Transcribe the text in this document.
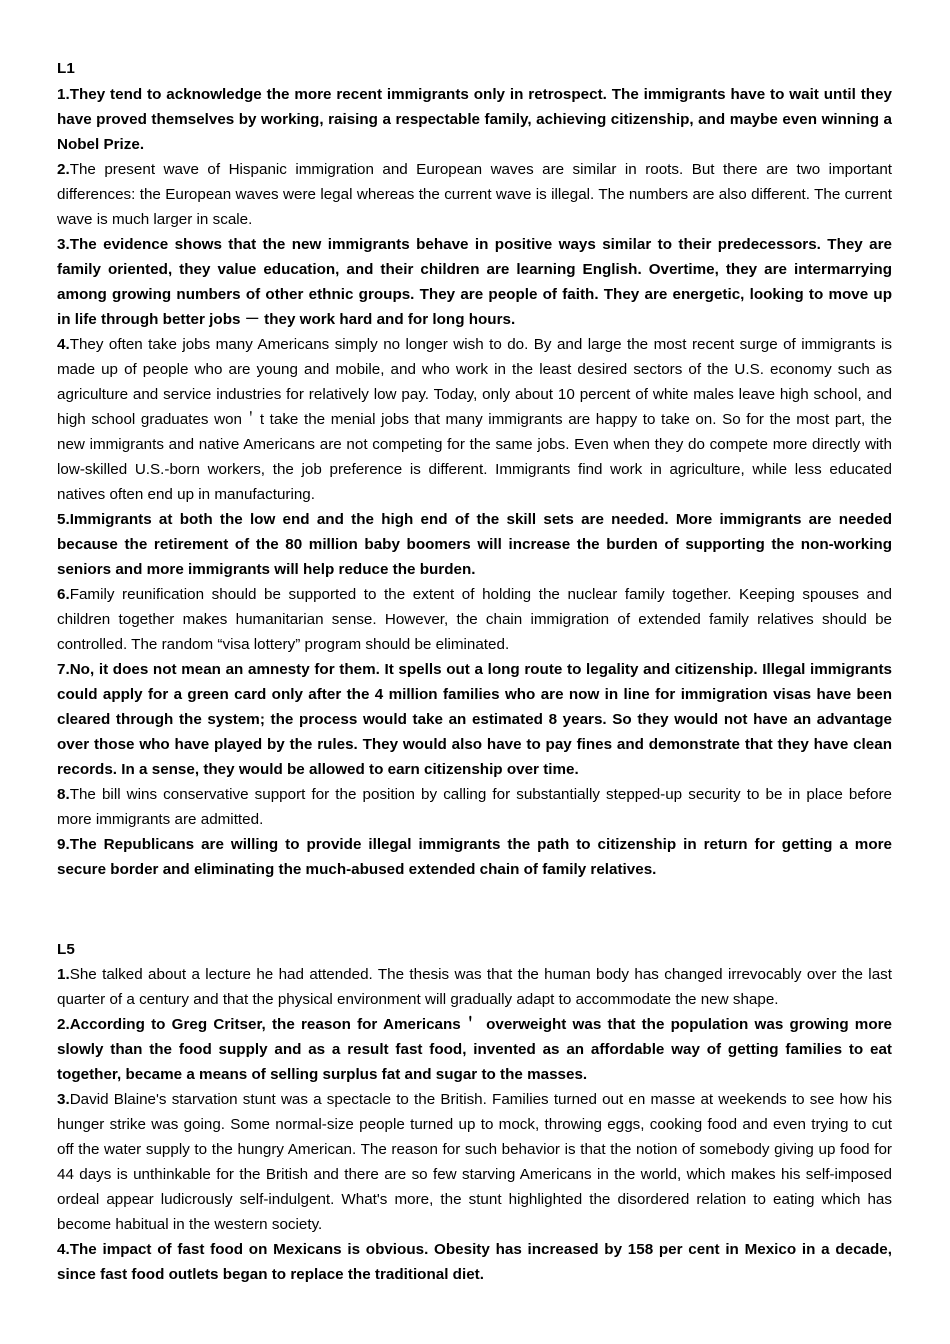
L1

1.They tend to acknowledge the more recent immigrants only in retrospect. The immigrants have to wait until they have proved themselves by working, raising a respectable family, achieving citizenship, and maybe even winning a Nobel Prize.

2.The present wave of Hispanic immigration and European waves are similar in roots. But there are two important differences: the European waves were legal whereas the current wave is illegal. The numbers are also different. The current wave is much larger in scale.

3.The evidence shows that the new immigrants behave in positive ways similar to their predecessors. They are family oriented, they value education, and their children are learning English. Overtime, they are intermarrying among growing numbers of other ethnic groups. They are people of faith. They are energetic, looking to move up in life through better jobs － they work hard and for long hours.

4.They often take jobs many Americans simply no longer wish to do. By and large the most recent surge of immigrants is made up of people who are young and mobile, and who work in the least desired sectors of the U.S. economy such as agriculture and service industries for relatively low pay. Today, only about 10 percent of white males leave high school, and high school graduates won＇t take the menial jobs that many immigrants are happy to take on. So for the most part, the new immigrants and native Americans are not competing for the same jobs. Even when they do compete more directly with low-skilled U.S.-born workers, the job preference is different. Immigrants find work in agriculture, while less educated natives often end up in manufacturing.

5.Immigrants at both the low end and the high end of the skill sets are needed. More immigrants are needed because the retirement of the 80 million baby boomers will increase the burden of supporting the non-working seniors and more immigrants will help reduce the burden.

6.Family reunification should be supported to the extent of holding the nuclear family together. Keeping spouses and children together makes humanitarian sense. However, the chain immigration of extended family relatives should be controlled. The random “visa lottery” program should be eliminated.

7.No, it does not mean an amnesty for them. It spells out a long route to legality and citizenship. Illegal immigrants could apply for a green card only after the 4 million families who are now in line for immigration visas have been cleared through the system; the process would take an estimated 8 years. So they would not have an advantage over those who have played by the rules. They would also have to pay fines and demonstrate that they have clean records. In a sense, they would be allowed to earn citizenship over time.

8.The bill wins conservative support for the position by calling for substantially stepped-up security to be in place before more immigrants are admitted.

9.The Republicans are willing to provide illegal immigrants the path to citizenship in return for getting a more secure border and eliminating the much-abused extended chain of family relatives.

L5

1.She talked about a lecture he had attended. The thesis was that the human body has changed irrevocably over the last quarter of a century and that the physical environment will gradually adapt to accommodate the new shape.

2.According to Greg Critser, the reason for Americans＇ overweight was that the population was growing more slowly than the food supply and as a result fast food, invented as an affordable way of getting families to eat together, became a means of selling surplus fat and sugar to the masses.

3.David Blaine's starvation stunt was a spectacle to the British. Families turned out en masse at weekends to see how his hunger strike was going. Some normal-size people turned up to mock, throwing eggs, cooking food and even trying to cut off the water supply to the hungry American. The reason for such behavior is that the notion of somebody giving up food for 44 days is unthinkable for the British and there are so few starving Americans in the world, which makes his self-imposed ordeal appear ludicrously self-indulgent. What's more, the stunt highlighted the disordered relation to eating which has become habitual in the western society.

4.The impact of fast food on Mexicans is obvious. Obesity has increased by 158 per cent in Mexico in a decade, since fast food outlets began to replace the traditional diet.
